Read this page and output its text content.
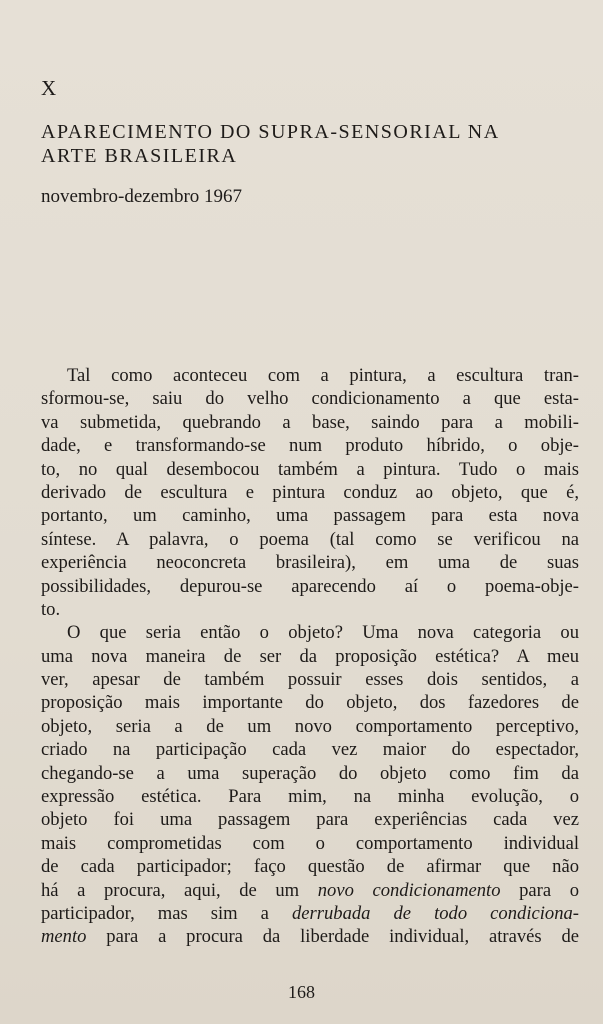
X
APARECIMENTO DO SUPRA-SENSORIAL NA
ARTE BRASILEIRA
novembro-dezembro 1967
Tal como aconteceu com a pintura, a escultura tran-
sformou-se, saiu do velho condicionamento a que esta-
va submetida, quebrando a base, saindo para a mobili-
dade, e transformando-se num produto híbrido, o obje-
to, no qual desembocou também a pintura. Tudo o mais
derivado de escultura e pintura conduz ao objeto, que é,
portanto, um caminho, uma passagem para esta nova
síntese. A palavra, o poema (tal como se verificou na
experiência neoconcreta brasileira), em uma de suas
possibilidades, depurou-se aparecendo aí o poema-obje-
to.
O que seria então o objeto? Uma nova categoria ou
uma nova maneira de ser da proposição estética? A meu
ver, apesar de também possuir esses dois sentidos, a
proposição mais importante do objeto, dos fazedores de
objeto, seria a de um novo comportamento perceptivo,
criado na participação cada vez maior do espectador,
chegando-se a uma superação do objeto como fim da
expressão estética. Para mim, na minha evolução, o
objeto foi uma passagem para experiências cada vez
mais comprometidas com o comportamento individual
de cada participador; faço questão de afirmar que não
há a procura, aqui, de um novo condicionamento para o
participador, mas sim a derrubada de todo condiciona-
mento para a procura da liberdade individual, através de
168
